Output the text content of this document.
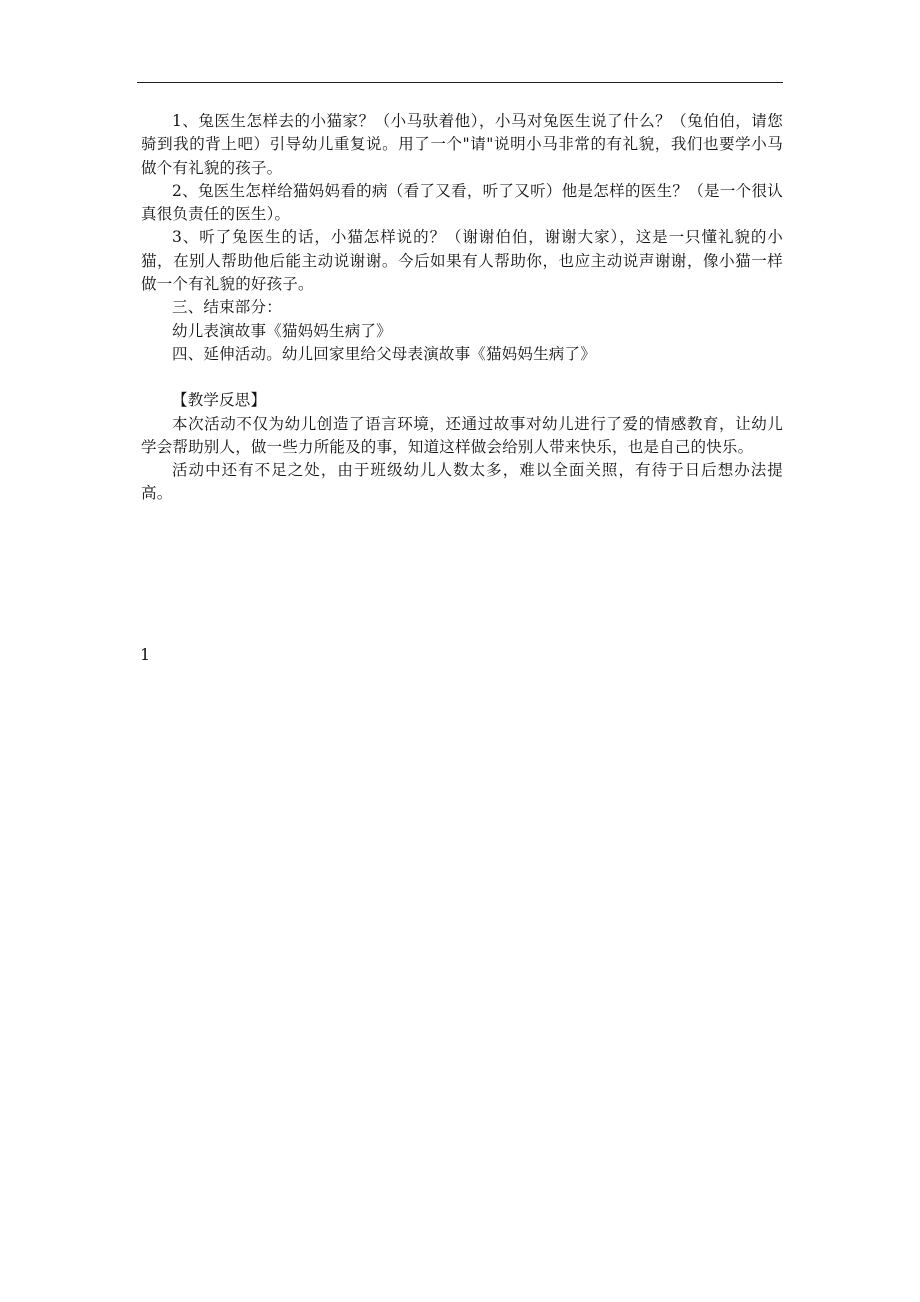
1、兔医生怎样去的小猫家？（小马驮着他），小马对兔医生说了什么？（兔伯伯，请您骑到我的背上吧）引导幼儿重复说。用了一个"请"说明小马非常的有礼貌，我们也要学小马做个有礼貌的孩子。

2、兔医生怎样给猫妈妈看的病（看了又看，听了又听）他是怎样的医生？（是一个很认真很负责任的医生）。

3、听了兔医生的话，小猫怎样说的？（谢谢伯伯，谢谢大家），这是一只懂礼貌的小猫，在别人帮助他后能主动说谢谢。今后如果有人帮助你，也应主动说声谢谢，像小猫一样做一个有礼貌的好孩子。

三、结束部分：

幼儿表演故事《猫妈妈生病了》

四、延伸活动。幼儿回家里给父母表演故事《猫妈妈生病了》

【教学反思】

本次活动不仅为幼儿创造了语言环境，还通过故事对幼儿进行了爱的情感教育，让幼儿学会帮助别人，做一些力所能及的事，知道这样做会给别人带来快乐，也是自己的快乐。

活动中还有不足之处，由于班级幼儿人数太多，难以全面关照，有待于日后想办法提高。

1
